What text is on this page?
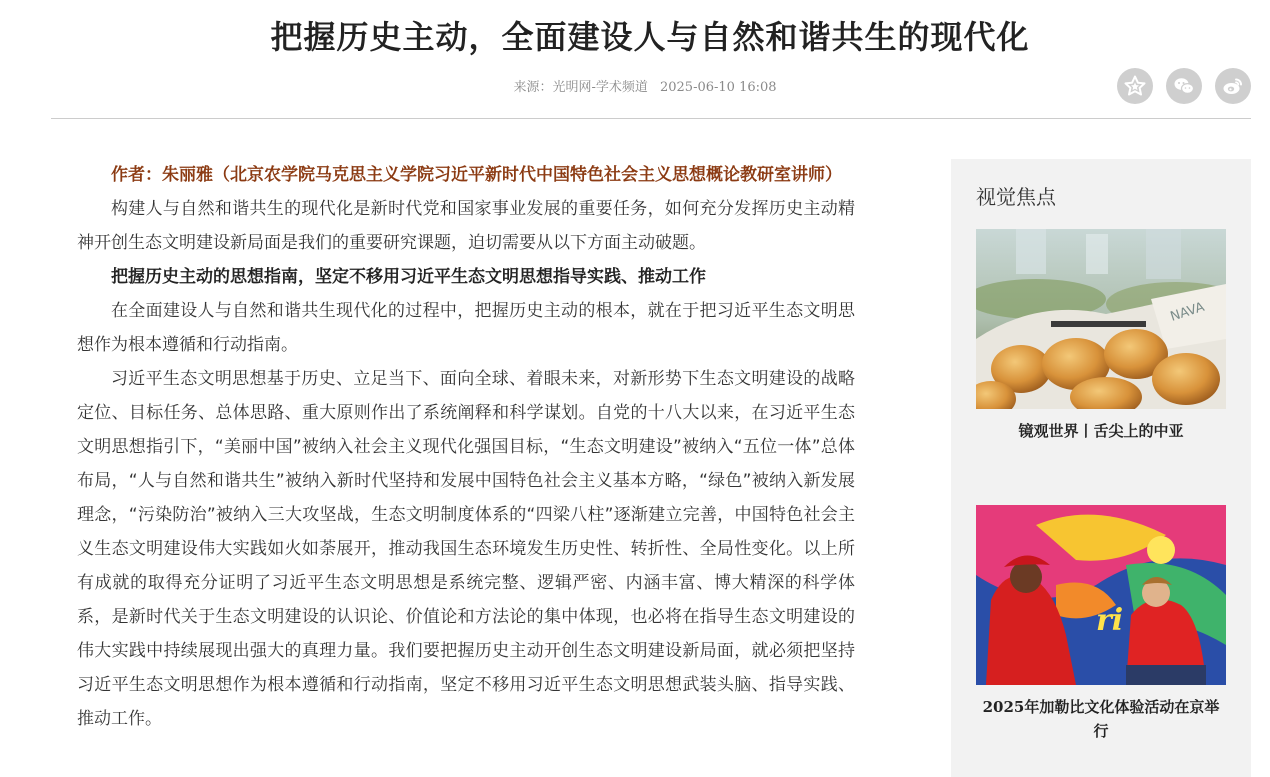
把握历史主动，全面建设人与自然和谐共生的现代化
来源：光明网-学术频道 2025-06-10 16:08

作者：朱丽雅（北京农学院马克思主义学院习近平新时代中国特色社会主义思想概论教研室讲师）

构建人与自然和谐共生的现代化是新时代党和国家事业发展的重要任务，如何充分发挥历史主动精神开创生态文明建设新局面是我们的重要研究课题，迫切需要从以下方面主动破题。

把握历史主动的思想指南，坚定不移用习近平生态文明思想指导实践、推动工作

在全面建设人与自然和谐共生现代化的过程中，把握历史主动的根本，就在于把习近平生态文明思想作为根本遵循和行动指南。

习近平生态文明思想基于历史、立足当下、面向全球、着眼未来，对新形势下生态文明建设的战略定位、目标任务、总体思路、重大原则作出了系统阐释和科学谋划。自党的十八大以来，在习近平生态文明思想指引下，“美丽中国”被纳入社会主义现代化强国目标，“生态文明建设”被纳入“五位一体”总体布局，“人与自然和谐共生”被纳入新时代坚持和发展中国特色社会主义基本方略，“绿色”被纳入新发展理念，“污染防治”被纳入三大攻坚战，生态文明制度体系的“四梁八柱”逐渐建立完善，中国特色社会主义生态文明建设伟大实践如火如荼展开，推动我国生态环境发生历史性、转折性、全局性变化。以上所有成就的取得充分证明了习近平生态文明思想是系统完整、逻辑严密、内涵丰富、博大精深的科学体系，是新时代关于生态文明建设的认识论、价值论和方法论的集中体现，也必将在指导生态文明建设的伟大实践中持续展现出强大的真理力量。我们要把握历史主动开创生态文明建设新局面，就必须把坚持习近平生态文明思想作为根本遵循和行动指南，坚定不移用习近平生态文明思想武装头脑、指导实践、推动工作。

视觉焦点
NAVA
镜观世界丨舌尖上的中亚
ri
2025年加勒比文化体验活动在京举行
